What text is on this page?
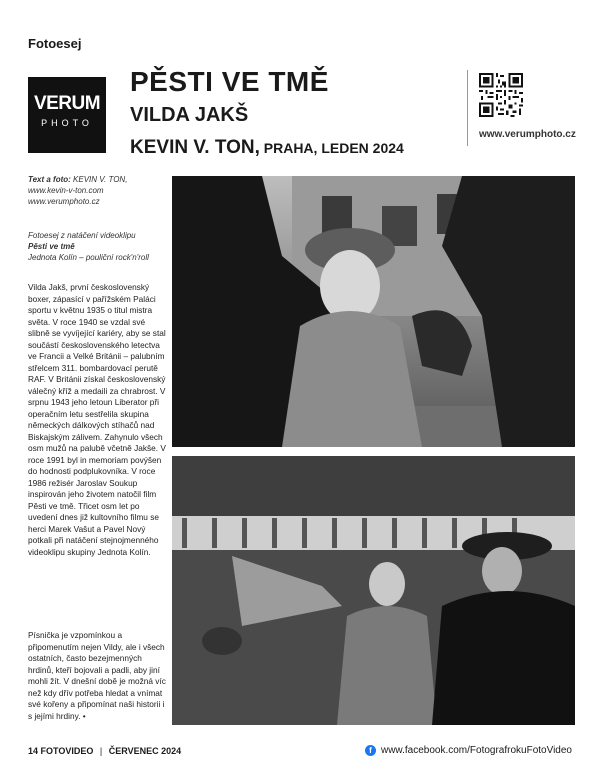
Fotoesej
VERUM
PHOTO
PĚSTI VE TMĚ
VILDA JAKŠ
KEVIN V. TON, PRAHA, LEDEN 2024
www.verumphoto.cz
Text a foto: KEVIN V. TON,
www.kevin-v-ton.com
www.verumphoto.cz
Fotoesej z natáčení videoklipu
Pěsti ve tmě
Jednota Kolín – pouliční rock'n'roll

Vilda Jakš, první československý boxer, zápasící v pařížském Paláci sportu v květnu 1935 o titul mistra světa. V roce 1940 se vzdal své slibně se vyvíjející kariéry, aby se stal součástí československého letectva ve Francii a Velké Británii – palubním střelcem 311. bombardovací perutě RAF. V Británii získal československý válečný kříž a medaili za chrabrost. V srpnu 1943 jeho letoun Liberator při operačním letu sestřelila skupina německých dálkových stíhačů nad Biskajským zálivem. Zahynulo všech osm mužů na palubě včetně Jakše. V roce 1991 byl in memoriam povýšen do hodnosti podplukovníka. V roce 1986 režisér Jaroslav Soukup inspirován jeho životem natočil film Pěsti ve tmě. Třicet osm let po uvedení dnes již kultovního filmu se herci Marek Vašut a Pavel Nový potkali při natáčení stejnojmenného videoklipu skupiny Jednota Kolín.

Písnička je vzpomínkou a připomenutím nejen Vildy, ale i všech ostatních, často bezejmenných hrdinů, kteří bojovali a padli, aby jiní mohli žít. V dnešní době je možná víc než kdy dřív potřeba hledat a vnímat své kořeny a připomínat naši historii i s jejími hrdiny. •

14 FOTOVIDEO | ČERVENEC 2024	f www.facebook.com/FotografrokuFotoVideo
